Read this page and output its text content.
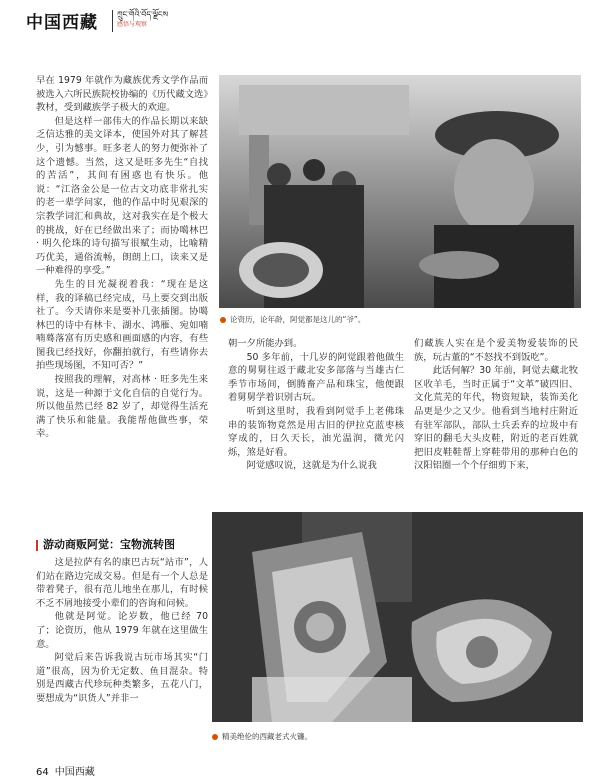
中国西藏 ཀྲུང་གོའི་བོད་ལྗོངས
感悟与观察

早在 1979 年就作为藏族优秀文学作品而被选入六所民族院校协编的《历代藏文选》教材，受到藏族学子极大的欢迎。

但是这样一部伟大的作品长期以来缺乏信达雅的美文译本，使国外对其了解甚少，引为憾事。旺多老人的努力便弥补了这个遗憾。当然，这又是旺多先生“自找的苦活”，其间有困惑也有快乐。他说：“江洛金公是一位古文功底非常扎实的老一辈学问家，他的作品中时见艰深的宗教学词汇和典故，这对我实在是个极大的挑战，好在已经做出来了；而协噶林巴 · 明久伦珠的诗句描写很赋生动，比喻精巧优美，通俗流畅，朗朗上口，读来又是一种难得的享受。”

先生的目光凝视着我：“现在是这样，我的译稿已经完成，马上要交到出版社了。今天请你来是要补几张插图。协噶林巴的诗中有林卡、湖水、鸿雁、宛如喃喃蓦落富有历史感和画面感的内容，有些图我已经找好，你翻拍就行，有些请你去拍些现场图，不知可否？”

按照我的理解，对高林 · 旺多先生来说，这是一种源于文化自信的自觉行为。所以他虽然已经 82 岁了，却觉得生活充满了快乐和能量。我能帮他做些事，荣幸。

游动商贩阿觉：宝物流转图

这是拉萨有名的康巴古玩“站市”，人们站在路边完成交易。但是有一个人总是带着凳子，很有范儿地坐在那儿，有时候不乏不屑地接受小辈们的咨询和问候。

他就是阿觉。论岁数，他已经 70 了；论资历，他从 1979 年就在这里做生意。

阿觉后来告诉我说古玩市场其实“门道”很高，因为价无定数、鱼目混杂。特别是西藏古代珍玩种类繁多，五花八门，要想成为“识货人”并非一

论资历，论年龄，阿觉都是这儿的“爷”。

朝一夕所能办到。

50 多年前，十几岁的阿觉跟着他做生意的舅舅往返于藏北安多部落与当雄古仁季节市场间，倒腾畜产品和珠宝，他便跟着舅舅学着识别古玩。

听到这里时，我看到阿觉手上老佛珠串的装饰物竟然是用古旧的伊拉克蓝枣核穿成的，日久天长，油光温润，微光闪烁，煞是好看。

阿觉感叹说，这就是为什么说我

们藏族人实在是个爱美物爱装饰的民族，玩古董的“不怒找不到饭吃”。

此话何解？30 年前，阿觉去藏北牧区收羊毛，当时正属于“文革”破四旧、文化荒芜的年代，物资短缺，装饰美化品更是少之又少。他看到当地村庄附近有驻军部队，部队士兵丢弃的垃圾中有穿旧的翻毛大头皮鞋，附近的老百姓就把旧皮鞋鞋帮上穿鞋带用的那种白色的汉阳铝圈一个个仔细剪下来，

精美绝伦的西藏老式火镰。
64 中国西藏
